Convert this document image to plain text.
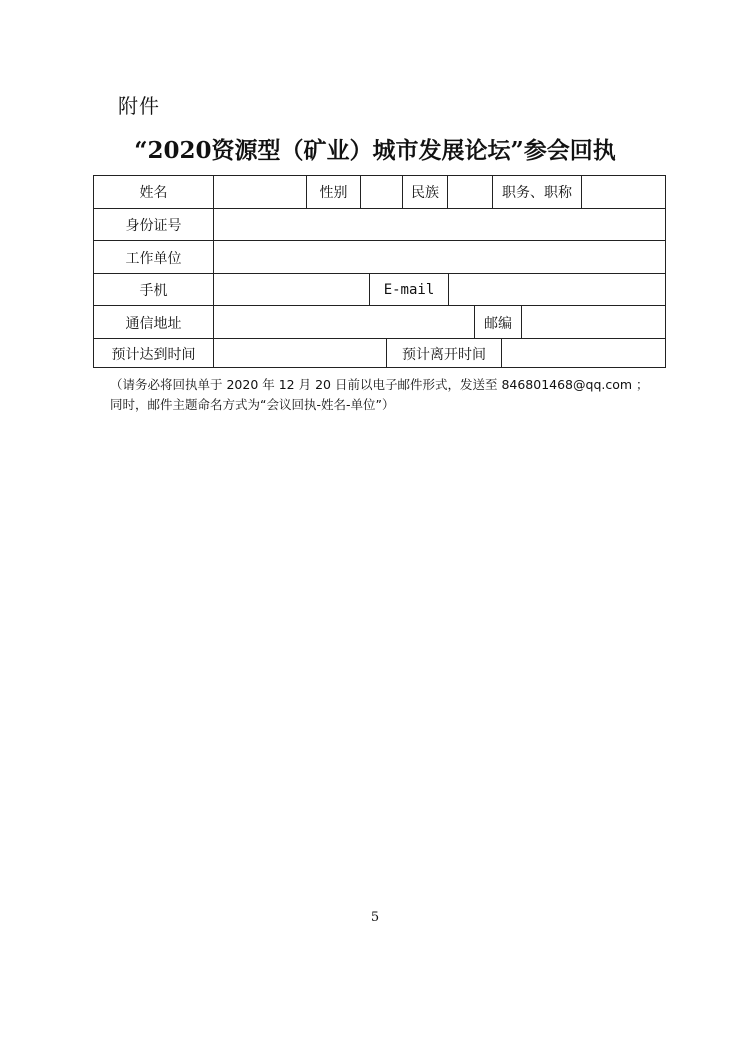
附件
“2020资源型（矿业）城市发展论坛”参会回执
姓名	性别	民族	职务、职称
身份证号
工作单位
手机	E-mail
通信地址	邮编
预计达到时间	预计离开时间
（请务必将回执单于 2020 年 12 月 20 日前以电子邮件形式，发送至 846801468@qq.com ；
同时，邮件主题命名方式为“会议回执-姓名-单位”）
5
